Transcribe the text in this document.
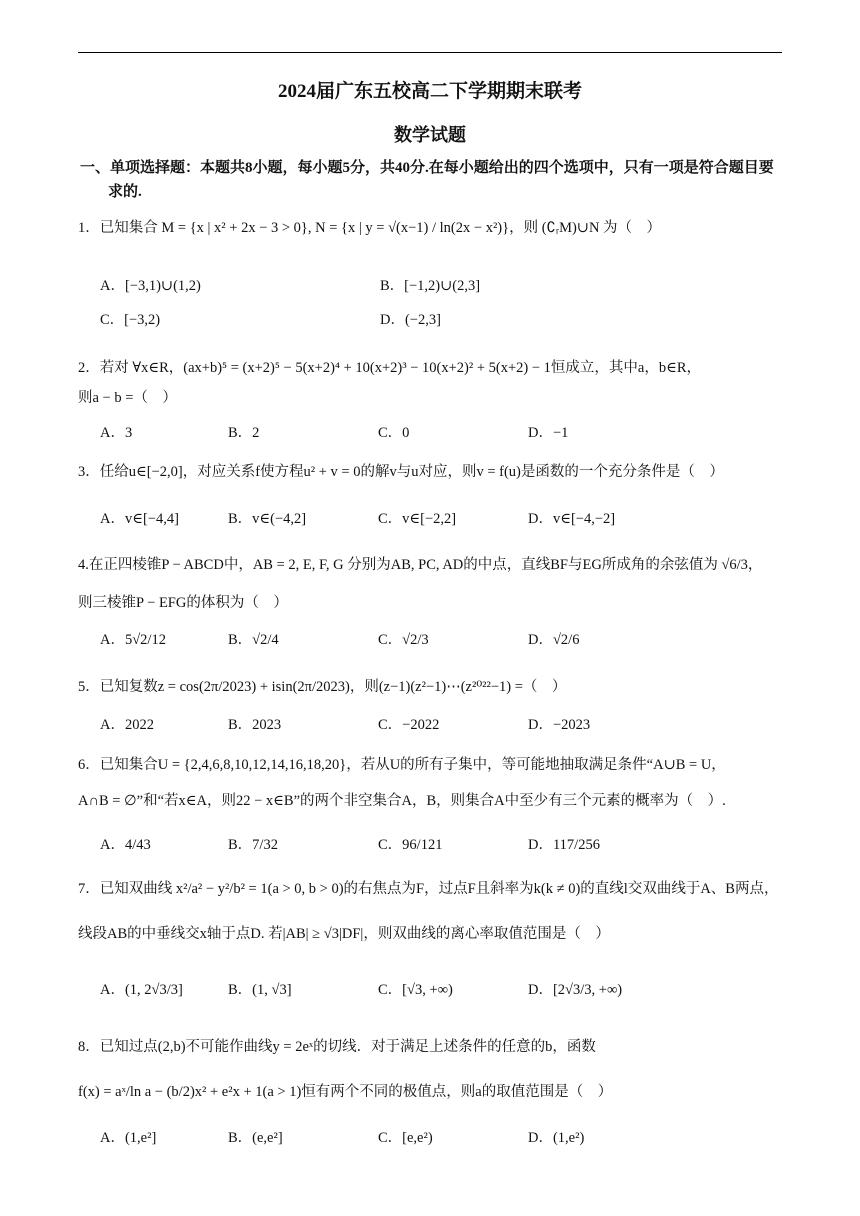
2024届广东五校高二下学期期末联考
数学试题
一、单项选择题：本题共8小题，每小题5分，共40分.在每小题给出的四个选项中，只有一项是符合题目要
求的.
1．已知集合 M = {x | x² + 2x − 3 > 0}, N = {x | y = √(x−1) / ln(2x − x²)}，则 (∁ᵣM)∪N 为（　）
A．[−3,1)∪(1,2)	B．[−1,2)∪(2,3]
C．[−3,2)	D．(−2,3]
2．若对 ∀x∈R，(ax+b)⁵ = (x+2)⁵ − 5(x+2)⁴ + 10(x+2)³ − 10(x+2)² + 5(x+2) − 1恒成立，其中a，b∈R，
则a − b =（　）
A．3	B．2	C．0	D．−1
3．任给u∈[−2,0]，对应关系f使方程u² + v = 0的解v与u对应，则v = f(u)是函数的一个充分条件是（　）
A．v∈[−4,4]	B．v∈(−4,2]	C．v∈[−2,2]	D．v∈[−4,−2]
4.在正四棱锥P − ABCD中，AB = 2, E, F, G 分别为AB, PC, AD的中点，直线BF与EG所成角的余弦值为 √6/3，
则三棱锥P − EFG的体积为（　）
A．5√2/12	B．√2/4	C．√2/3	D．√2/6
5．已知复数z = cos(2π/2023) + isin(2π/2023)，则(z−1)(z²−1)⋯(z²⁰²²−1) =（　）
A．2022	B．2023	C．−2022	D．−2023
6．已知集合U = {2,4,6,8,10,12,14,16,18,20}，若从U的所有子集中，等可能地抽取满足条件“A∪B = U，
A∩B = ∅”和“若x∈A，则22 − x∈B”的两个非空集合A，B，则集合A中至少有三个元素的概率为（　）.
A．4/43	B．7/32	C．96/121	D．117/256
7．已知双曲线 x²/a² − y²/b² = 1(a > 0, b > 0)的右焦点为F，过点F且斜率为k(k ≠ 0)的直线l交双曲线于A、B两点，
线段AB的中垂线交x轴于点D. 若|AB| ≥ √3|DF|，则双曲线的离心率取值范围是（　）
A．(1, 2√3/3]	B．(1, √3]	C．[√3, +∞)	D．[2√3/3, +∞)
8．已知过点(2,b)不可能作曲线y = 2eˣ的切线．对于满足上述条件的任意的b，函数
f(x) = aˣ/ln a − (b/2)x² + e²x + 1(a > 1)恒有两个不同的极值点，则a的取值范围是（　）
A．(1,e²]	B．(e,e²]	C．[e,e²)	D．(1,e²)
